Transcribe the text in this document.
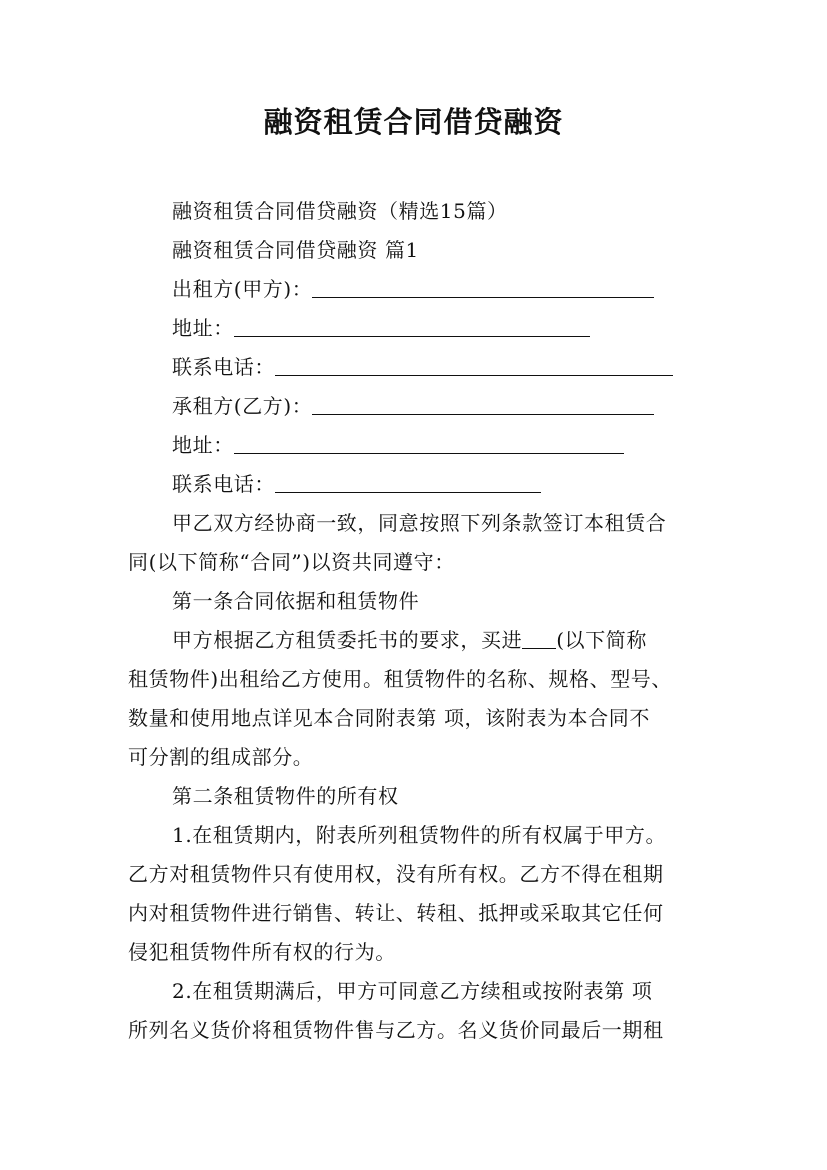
融资租赁合同借贷融资
融资租赁合同借贷融资（精选15篇）
融资租赁合同借贷融资 篇1
出租方(甲方)：
地址：
联系电话：
承租方(乙方)：
地址：
联系电话：
甲乙双方经协商一致，同意按照下列条款签订本租赁合
同(以下简称“合同”)以资共同遵守：
第一条合同依据和租赁物件
甲方根据乙方租赁委托书的要求，买进 (以下简称
租赁物件)出租给乙方使用。租赁物件的名称、规格、型号、
数量和使用地点详见本合同附表第 项，该附表为本合同不
可分割的组成部分。
第二条租赁物件的所有权
1.在租赁期内，附表所列租赁物件的所有权属于甲方。
乙方对租赁物件只有使用权，没有所有权。乙方不得在租期
内对租赁物件进行销售、转让、转租、抵押或采取其它任何
侵犯租赁物件所有权的行为。
2.在租赁期满后，甲方可同意乙方续租或按附表第 项
所列名义货价将租赁物件售与乙方。名义货价同最后一期租
